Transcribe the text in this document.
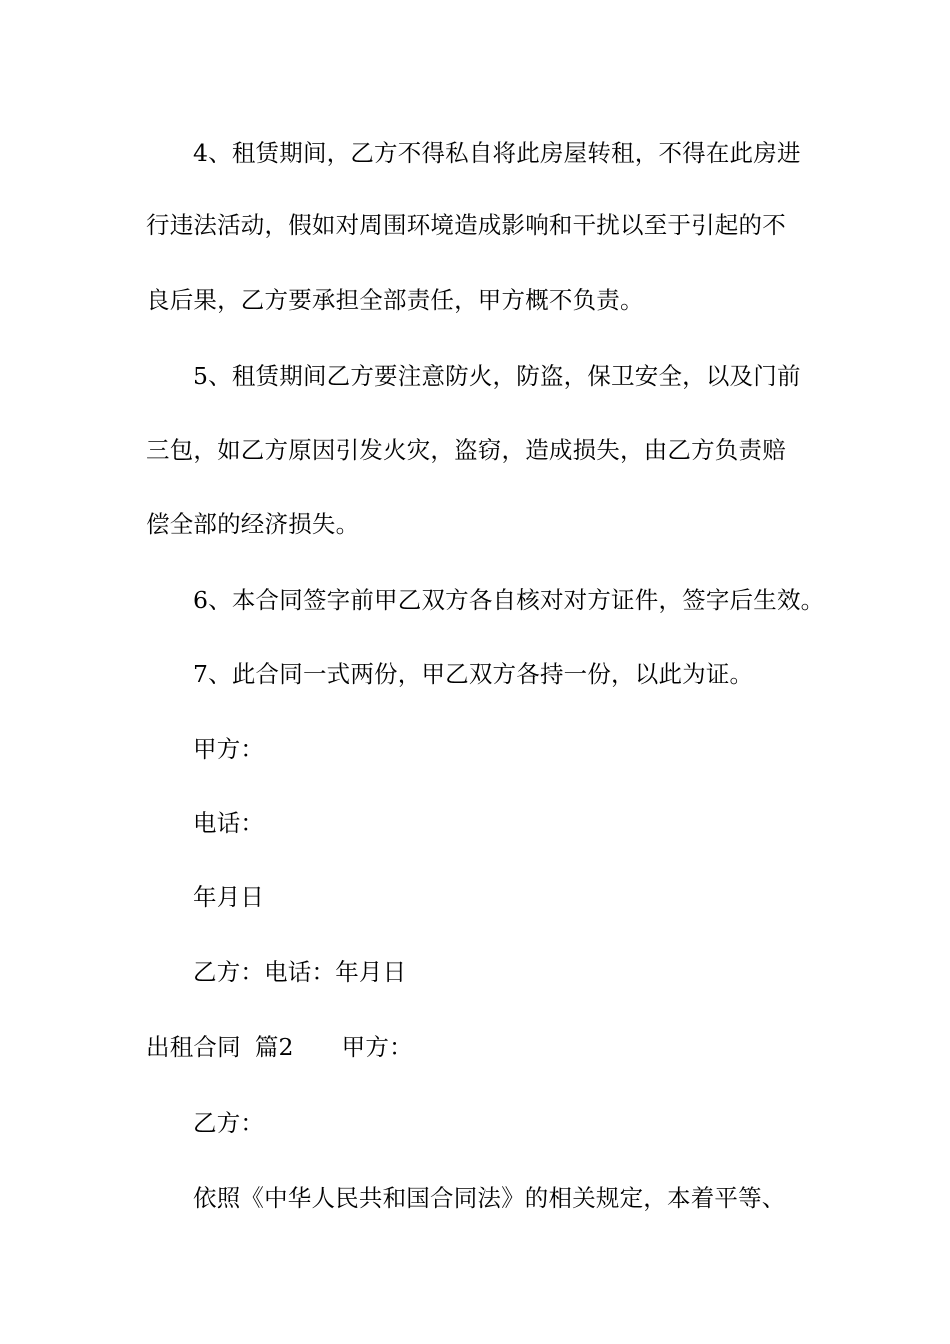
4、租赁期间，乙方不得私自将此房屋转租，不得在此房进
行违法活动，假如对周围环境造成影响和干扰以至于引起的不
良后果，乙方要承担全部责任，甲方概不负责。
5、租赁期间乙方要注意防火，防盗，保卫安全，以及门前
三包，如乙方原因引发火灾，盗窃，造成损失，由乙方负责赔
偿全部的经济损失。
6、本合同签字前甲乙双方各自核对对方证件，签字后生效。
7、此合同一式两份，甲乙双方各持一份，以此为证。
甲方：
电话：
年月日
乙方：电话：年月日
出租合同 篇2 甲方：
乙方：
依照《中华人民共和国合同法》的相关规定，本着平等、
